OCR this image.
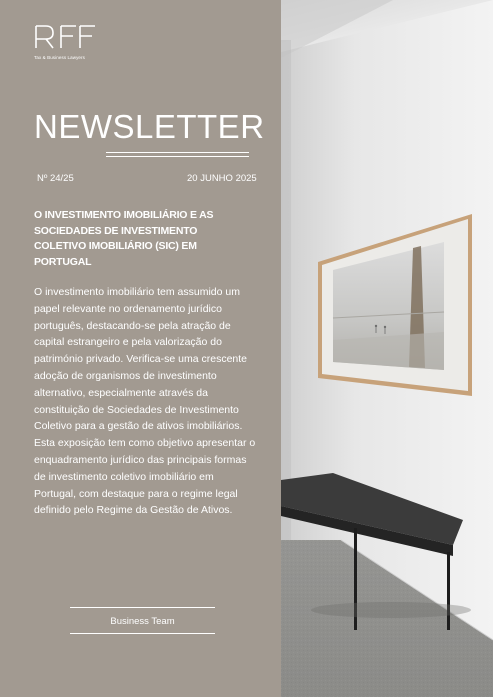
Tax & Business Lawyers
NEWSLETTER
Nº 24/25	20 JUNHO 2025
O INVESTIMENTO IMOBILIÁRIO E AS SOCIEDADES DE INVESTIMENTO COLETIVO IMOBILIÁRIO (SIC) EM PORTUGAL
O investimento imobiliário tem assumido um papel relevante no ordenamento jurídico português, destacando-se pela atração de capital estrangeiro e pela valorização do património privado. Verifica-se uma crescente adoção de organismos de investimento alternativo, especialmente através da constituição de Sociedades de Investimento Coletivo para a gestão de ativos imobiliários. Esta exposição tem como objetivo apresentar o enquadramento jurídico das principais formas de investimento coletivo imobiliário em Portugal, com destaque para o regime legal definido pelo Regime da Gestão de Ativos.
Business Team
